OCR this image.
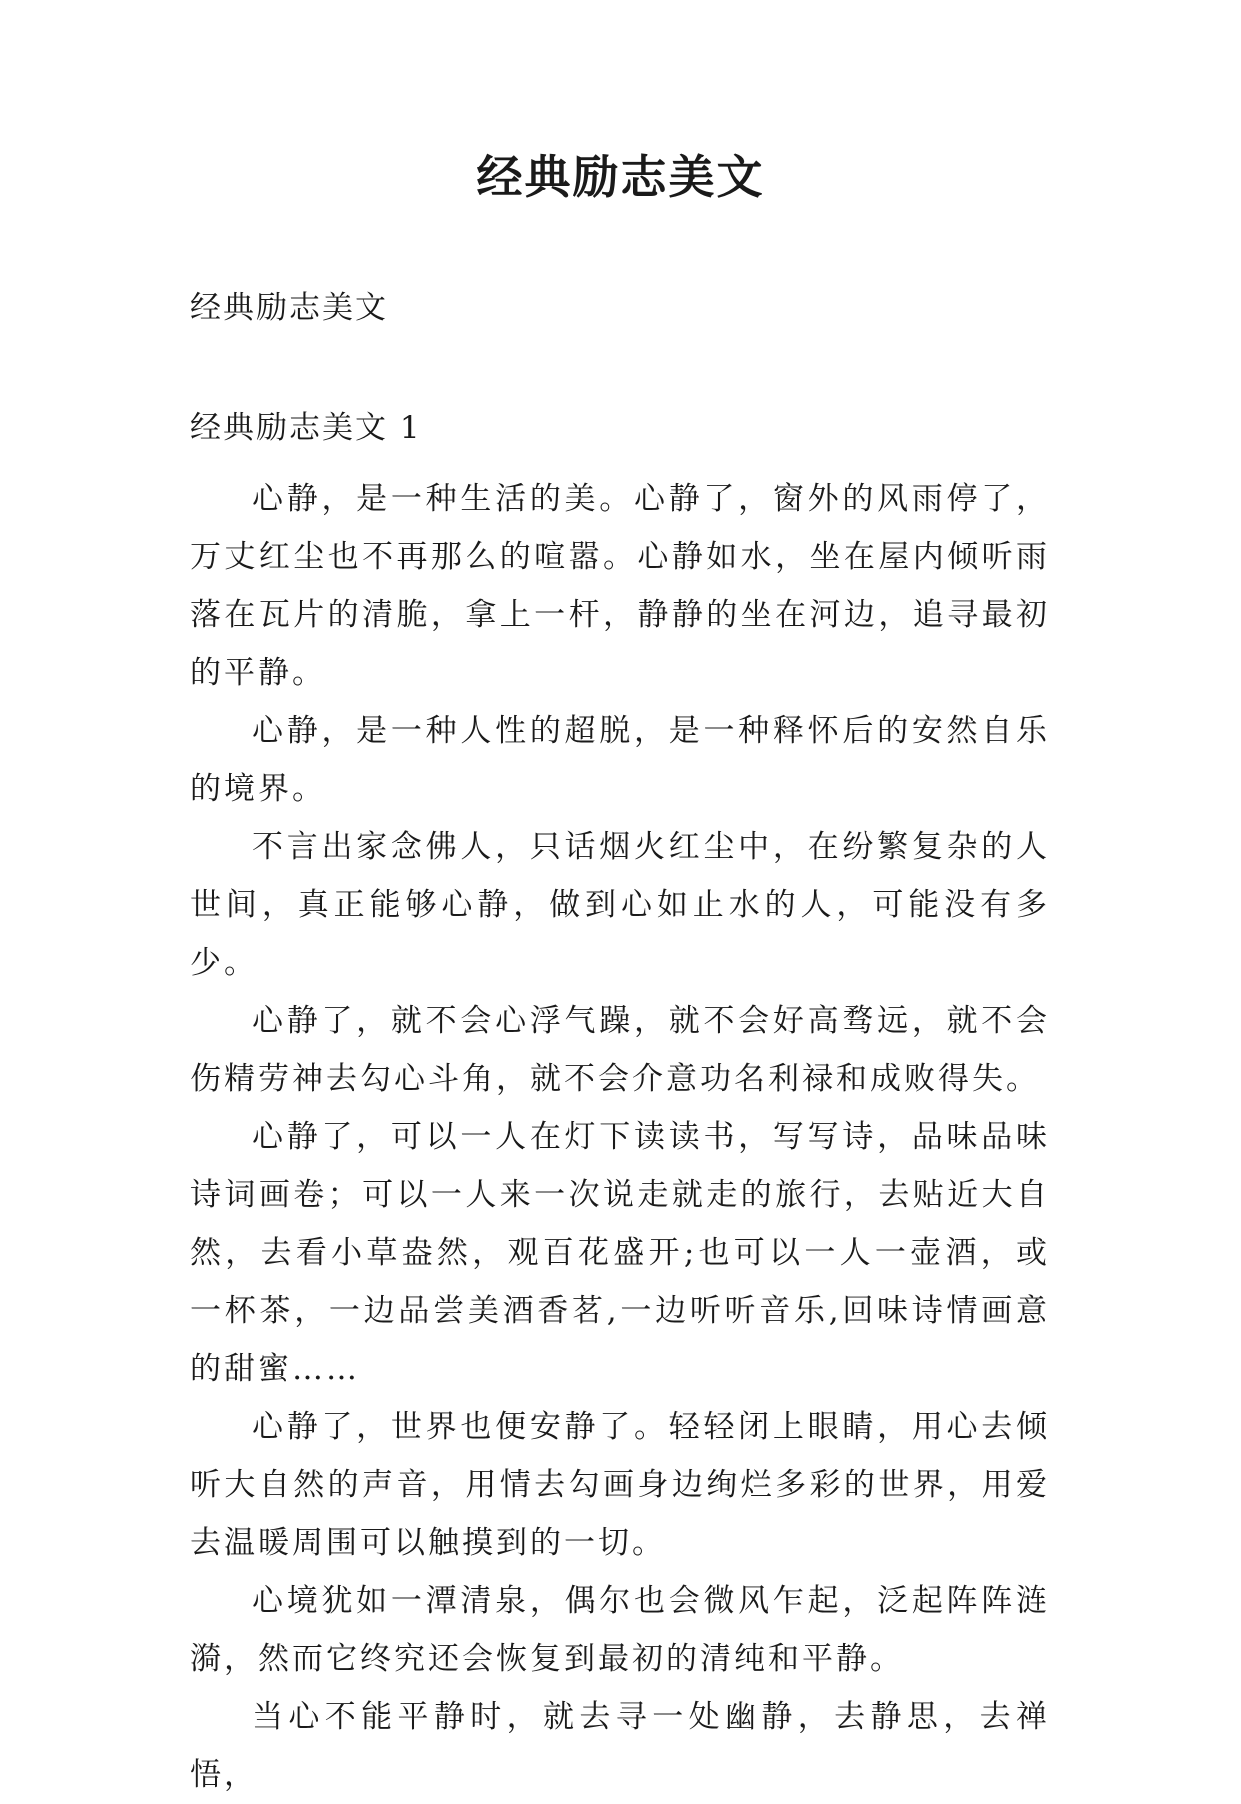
经典励志美文
经典励志美文
经典励志美文 1

心静，是一种生活的美。心静了，窗外的风雨停了，万丈红尘也不再那么的喧嚣。心静如水，坐在屋内倾听雨落在瓦片的清脆，拿上一杆，静静的坐在河边，追寻最初的平静。

心静，是一种人性的超脱，是一种释怀后的安然自乐的境界。

不言出家念佛人，只话烟火红尘中，在纷繁复杂的人世间，真正能够心静，做到心如止水的人，可能没有多少。

心静了，就不会心浮气躁，就不会好高骛远，就不会伤精劳神去勾心斗角，就不会介意功名利禄和成败得失。

心静了，可以一人在灯下读读书，写写诗，品味品味诗词画卷；可以一人来一次说走就走的旅行，去贴近大自然，去看小草盎然，观百花盛开;也可以一人一壶酒，或一杯茶，一边品尝美酒香茗,一边听听音乐,回味诗情画意的甜蜜……

心静了，世界也便安静了。轻轻闭上眼睛，用心去倾听大自然的声音，用情去勾画身边绚烂多彩的世界，用爱去温暖周围可以触摸到的一切。

心境犹如一潭清泉，偶尔也会微风乍起，泛起阵阵涟漪，然而它终究还会恢复到最初的清纯和平静。

当心不能平静时，就去寻一处幽静，去静思，去禅悟，
